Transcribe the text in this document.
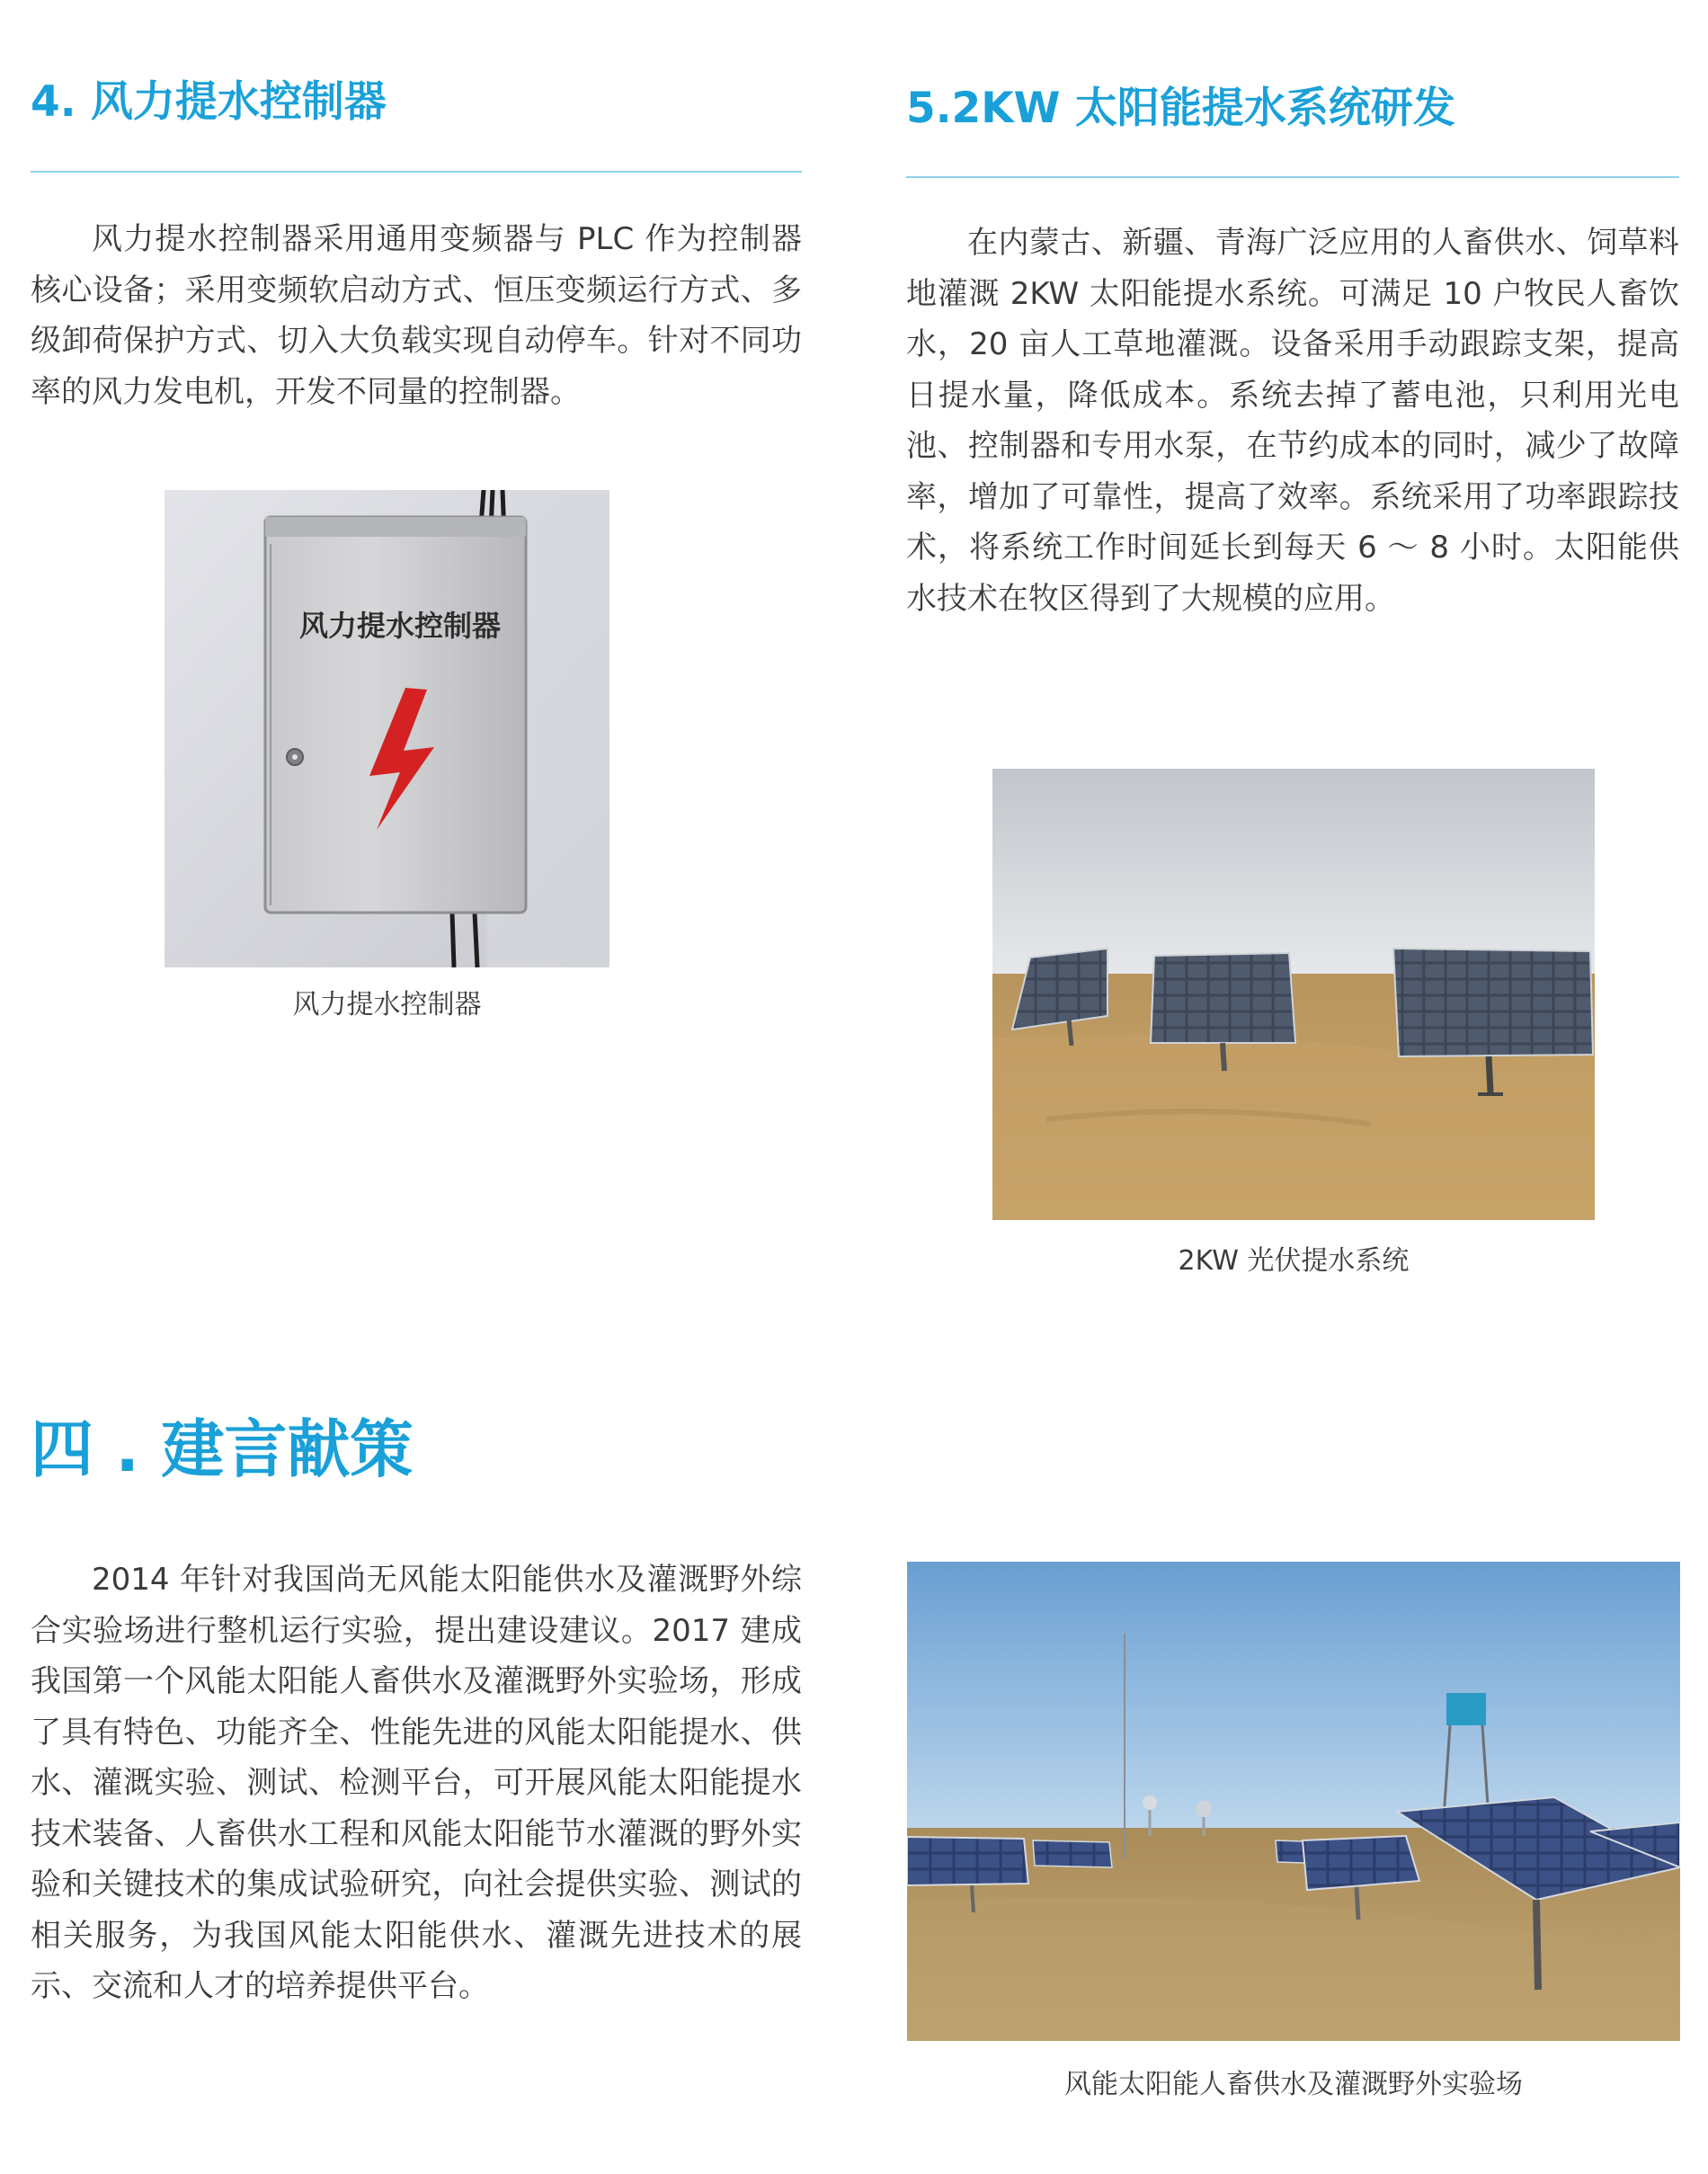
4. 风力提水控制器

风力提水控制器采用通用变频器与 PLC 作为控制器核心设备；采用变频软启动方式、恒压变频运行方式、多级卸荷保护方式、切入大负载实现自动停车。针对不同功率的风力发电机，开发不同量的控制器。

风力提水控制器

风力提水控制器

5.2KW 太阳能提水系统研发

在内蒙古、新疆、青海广泛应用的人畜供水、饲草料地灌溉 2KW 太阳能提水系统。可满足 10 户牧民人畜饮水，20 亩人工草地灌溉。设备采用手动跟踪支架，提高日提水量，降低成本。系统去掉了蓄电池，只利用光电池、控制器和专用水泵，在节约成本的同时，减少了故障率，增加了可靠性，提高了效率。系统采用了功率跟踪技术，将系统工作时间延长到每天 6 ～ 8 小时。太阳能供水技术在牧区得到了大规模的应用。

2KW 光伏提水系统

四 . 建言献策

2014 年针对我国尚无风能太阳能供水及灌溉野外综合实验场进行整机运行实验，提出建设建议。2017 建成我国第一个风能太阳能人畜供水及灌溉野外实验场，形成了具有特色、功能齐全、性能先进的风能太阳能提水、供水、灌溉实验、测试、检测平台，可开展风能太阳能提水技术装备、人畜供水工程和风能太阳能节水灌溉的野外实验和关键技术的集成试验研究，向社会提供实验、测试的相关服务，为我国风能太阳能供水、灌溉先进技术的展示、交流和人才的培养提供平台。

风能太阳能人畜供水及灌溉野外实验场
